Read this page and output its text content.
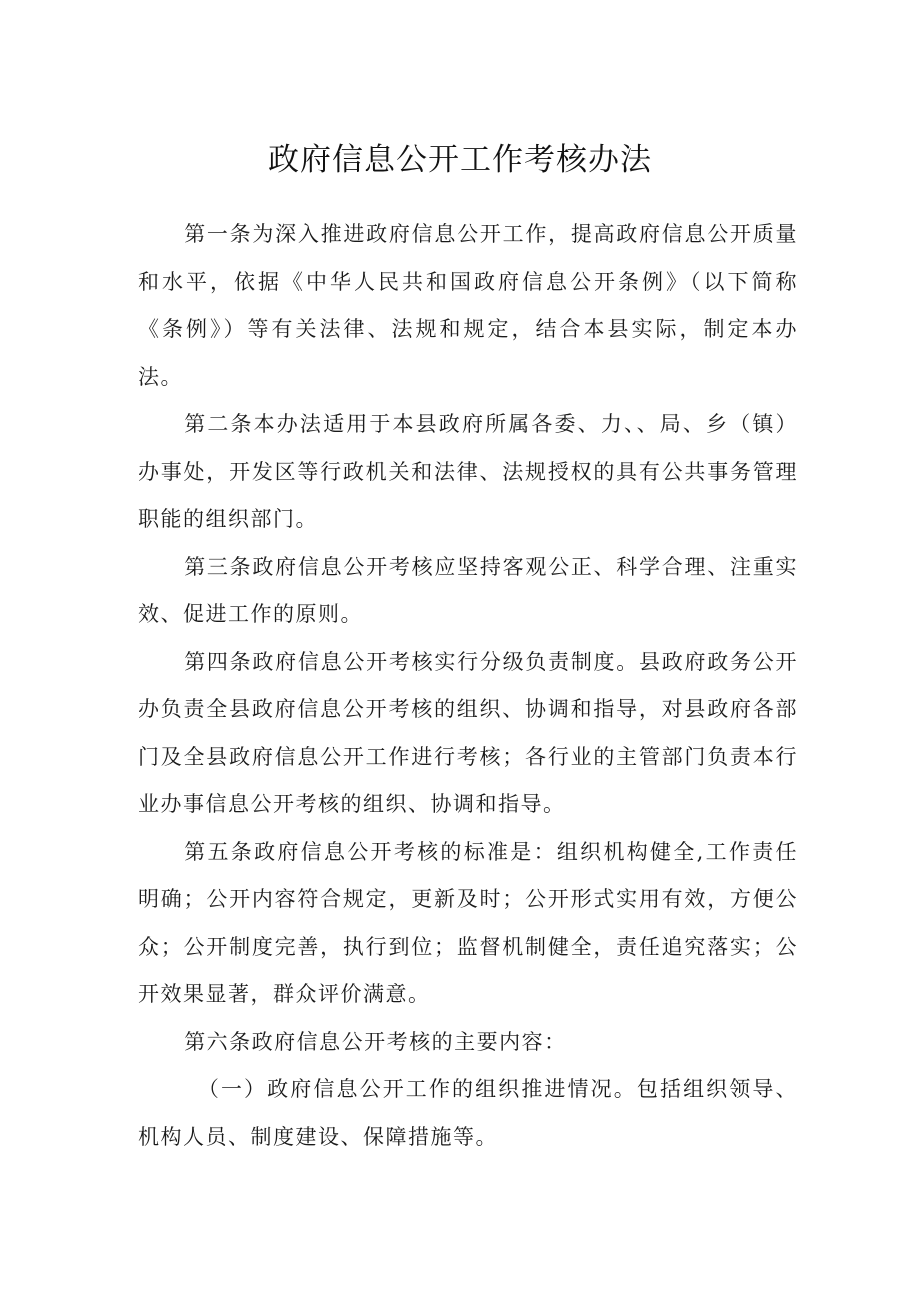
政府信息公开工作考核办法

第一条为深入推进政府信息公开工作，提高政府信息公开质量和水平，依据《中华人民共和国政府信息公开条例》（以下简称《条例》）等有关法律、法规和规定，结合本县实际，制定本办法。

第二条本办法适用于本县政府所属各委、力、、局、乡（镇）办事处，开发区等行政机关和法律、法规授权的具有公共事务管理职能的组织部门。

第三条政府信息公开考核应坚持客观公正、科学合理、注重实效、促进工作的原则。

第四条政府信息公开考核实行分级负责制度。县政府政务公开办负责全县政府信息公开考核的组织、协调和指导，对县政府各部门及全县政府信息公开工作进行考核；各行业的主管部门负责本行业办事信息公开考核的组织、协调和指导。

第五条政府信息公开考核的标准是：组织机构健全,工作责任明确；公开内容符合规定，更新及时；公开形式实用有效，方便公众；公开制度完善，执行到位；监督机制健全，责任追究落实；公开效果显著，群众评价满意。

第六条政府信息公开考核的主要内容：

（一）政府信息公开工作的组织推进情况。包括组织领导、机构人员、制度建设、保障措施等。
